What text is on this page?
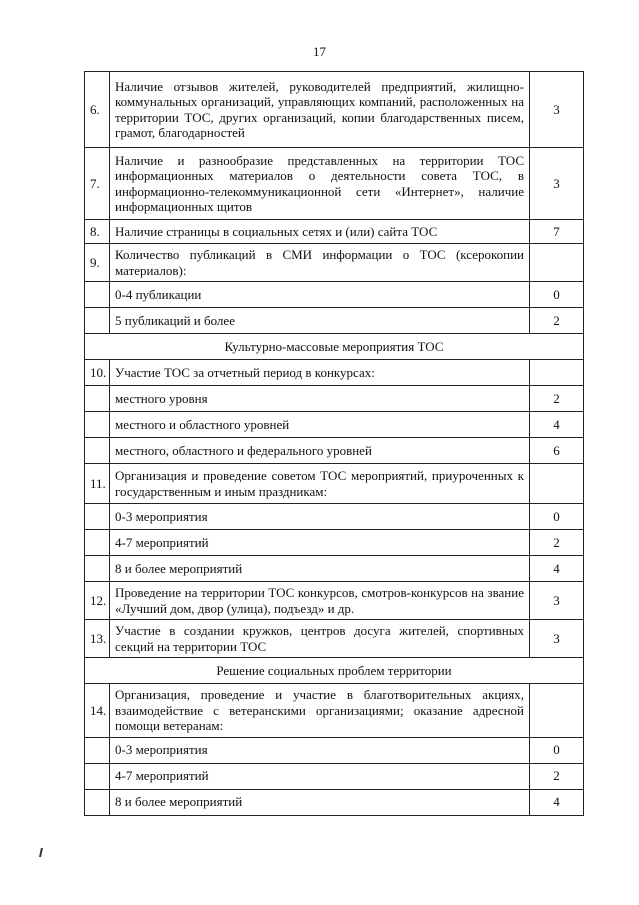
17
6.	Наличие отзывов жителей, руководителей предприятий, жилищно-коммунальных организаций, управляющих компаний, расположенных на территории ТОС, других организаций, копии благодарственных писем, грамот, благодарностей	3
7.	Наличие и разнообразие представленных на территории ТОС информационных материалов о деятельности совета ТОС, в информационно-телекоммуникационной сети «Интернет», наличие информационных щитов	3
8.	Наличие страницы в социальных сетях и (или) сайта ТОС	7
9.	Количество публикаций в СМИ информации о ТОС (ксерокопии материалов):	
	0-4 публикации	0
	5 публикаций и более	2
Культурно-массовые мероприятия ТОС		
10.	Участие ТОС за отчетный период в конкурсах:	
	местного уровня	2
	местного и областного уровней	4
	местного, областного и федерального уровней	6
11.	Организация и проведение советом ТОС мероприятий, приуроченных к государственным и иным праздникам:	
	0-3 мероприятия	0
	4-7 мероприятий	2
	8 и более мероприятий	4
12.	Проведение на территории ТОС конкурсов, смотров-конкурсов на звание «Лучший дом, двор (улица), подъезд» и др.	3
13.	Участие в создании кружков, центров досуга жителей, спортивных секций на территории ТОС	3
Решение социальных проблем территории		
14.	Организация, проведение и участие в благотворительных акциях, взаимодействие с ветеранскими организациями; оказание адресной помощи ветеранам:	
	0-3 мероприятия	0
	4-7 мероприятий	2
	8 и более мероприятий	4
